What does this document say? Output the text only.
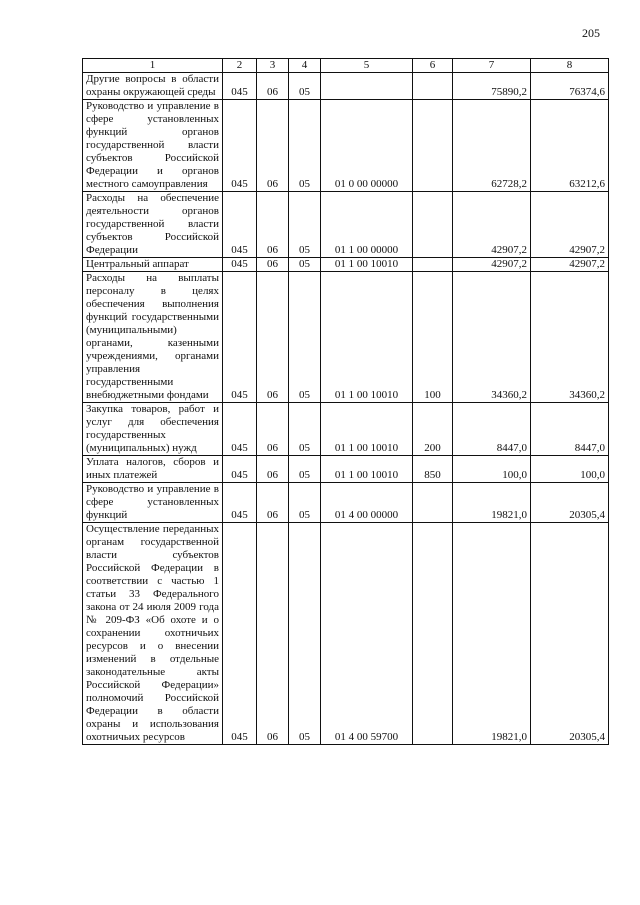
205
1	2	3	4	5	6	7	8
Другие вопросы в области охраны окружающей среды	045	06	05			75890,2	76374,6
Руководство и управление в сфере установленных функций органов государственной власти субъектов Российской Федерации и органов местного самоуправления	045	06	05	01 0 00 00000		62728,2	63212,6
Расходы на обеспечение деятельности органов государственной власти субъектов Российской Федерации	045	06	05	01 1 00 00000		42907,2	42907,2
Центральный аппарат	045	06	05	01 1 00 10010		42907,2	42907,2
Расходы на выплаты персоналу в целях обеспечения выполнения функций государственными (муниципальными) органами, казенными учреждениями, органами управления государственными внебюджетными фондами	045	06	05	01 1 00 10010	100	34360,2	34360,2
Закупка товаров, работ и услуг для обеспечения государственных (муниципальных) нужд	045	06	05	01 1 00 10010	200	8447,0	8447,0
Уплата налогов, сборов и иных платежей	045	06	05	01 1 00 10010	850	100,0	100,0
Руководство и управление в сфере установленных функций	045	06	05	01 4 00 00000		19821,0	20305,4
Осуществление переданных органам государственной власти субъектов Российской Федерации в соответствии с частью 1 статьи 33 Федерального закона от 24 июля 2009 года № 209-ФЗ «Об охоте и о сохранении охотничьих ресурсов и о внесении изменений в отдельные законодательные акты Российской Федерации» полномочий Российской Федерации в области охраны и использования охотничьих ресурсов	045	06	05	01 4 00 59700		19821,0	20305,4
